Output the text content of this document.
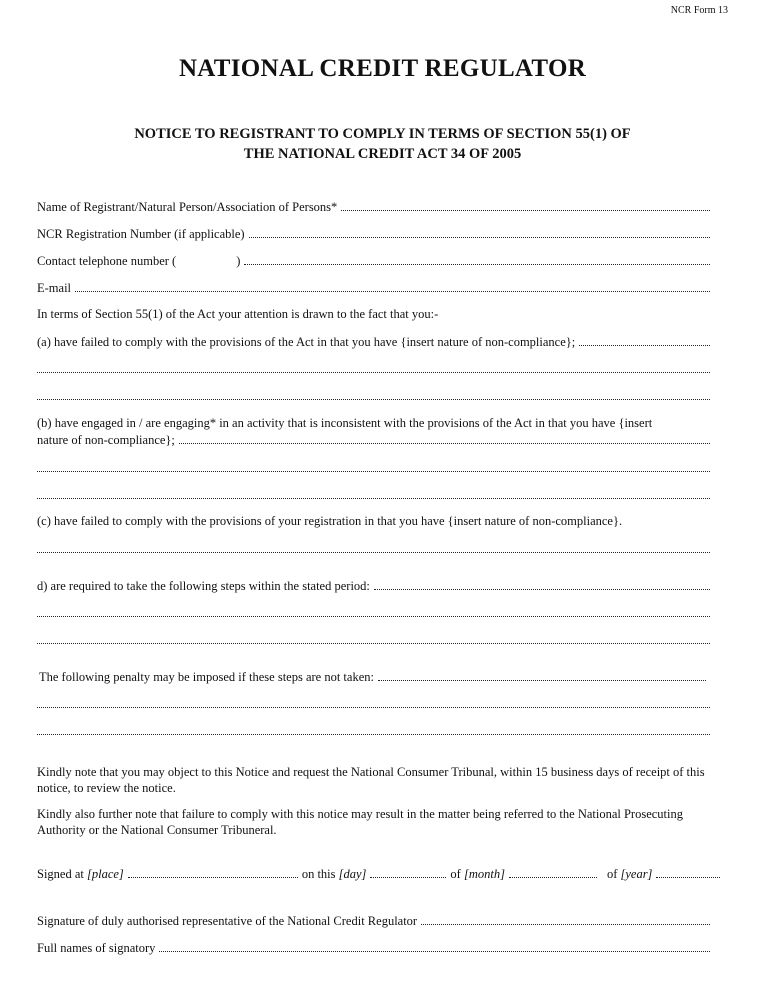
NCR Form 13
NATIONAL CREDIT REGULATOR
NOTICE TO REGISTRANT TO COMPLY IN TERMS OF SECTION 55(1) OF
THE NATIONAL CREDIT ACT 34 OF 2005
Name of Registrant/Natural Person/Association of Persons*
NCR Registration Number (if applicable)
Contact telephone number (	)
E-mail
In terms of Section 55(1) of the Act your attention is drawn to the fact that you:-
(a) have failed to comply with the provisions of the Act in that you have {insert nature of non-compliance};
(b) have engaged in / are engaging* in an activity that is inconsistent with the provisions of the Act in that you have {insert
nature of non-compliance};
(c) have failed to comply with the provisions of your registration in that you have {insert nature of non-compliance}.
d) are required to take the following steps within the stated period:
The following penalty may be imposed if these steps are not taken:
Kindly note that you may object to this Notice and request the National Consumer Tribunal, within 15 business days of receipt of this notice, to review the notice.
Kindly also further note that failure to comply with this notice may result in the matter being referred to the National Prosecuting Authority or the National Consumer Tribuneral.
Signed at
[place]	on this
[day]	of
[month]	of
[year]
Signature of duly authorised representative of the National Credit Regulator
Full names of signatory
